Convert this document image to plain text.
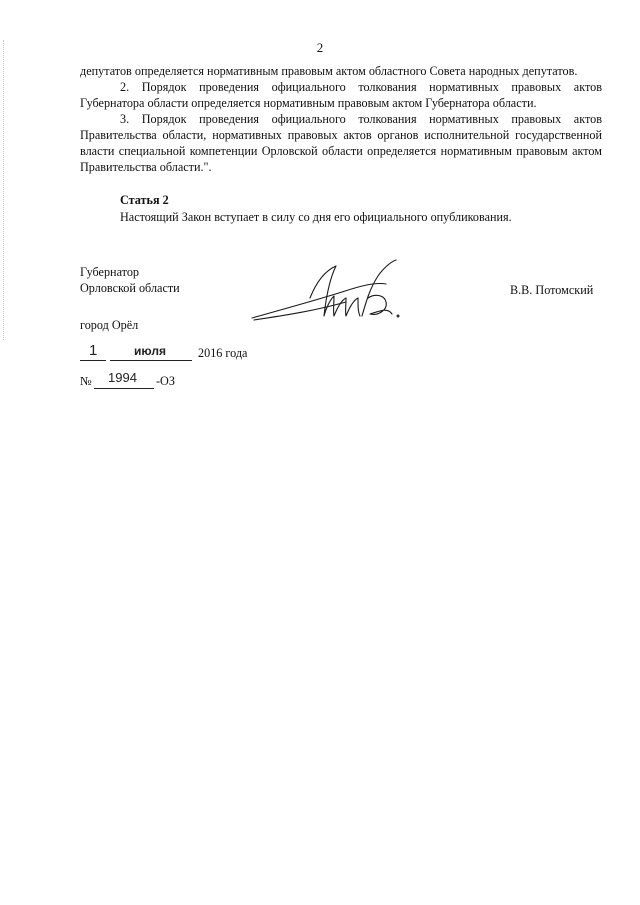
2

депутатов определяется нормативным правовым актом областного Совета народных депутатов.

2. Порядок проведения официального толкования нормативных правовых актов Губернатора области определяется нормативным правовым актом Губернатора области.

3. Порядок проведения официального толкования нормативных правовых актов Правительства области, нормативных правовых актов органов исполнительной государственной власти специальной компетенции Орловской области определяется нормативным правовым актом Правительства области.".

Статья 2
Настоящий Закон вступает в силу со дня его официального опубликования.
Губернатор
Орловской области	В.В. Потомский
город Орёл
1	июля	2016 года
№ 1994 -ОЗ
